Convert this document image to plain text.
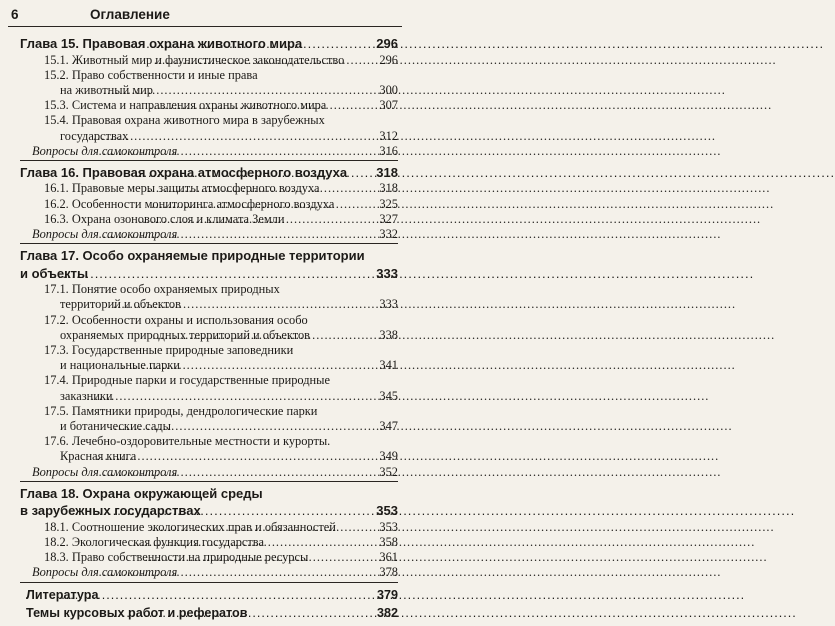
6	Оглавление
Глава 15. Правовая охрана животного мира .....	296
15.1. Животный мир и фаунистическое законодательство .....	296
15.2. Право собственности и иные права
на животный мир .....	300
15.3. Система и направления охраны животного мира .....	307
15.4. Правовая охрана животного мира в зарубежных
государствах .....	312
Вопросы для самоконтроля .....	316
Глава 16. Правовая охрана атмосферного воздуха ..... 318
16.1. Правовые меры защиты атмосферного воздуха .....	318
16.2. Особенности мониторинга атмосферного воздуха .....	325
16.3. Охрана озонового слоя и климата Земли .....	327
Вопросы для самоконтроля .....	332
Глава 17. Особо охраняемые природные территории
и объекты .....	333
17.1. Понятие особо охраняемых природных
территорий и объектов .....	333
17.2. Особенности охраны и использования особо
охраняемых природных территорий и объектов .....	338
17.3. Государственные природные заповедники
и национальные парки .....	341
17.4. Природные парки и государственные природные
заказники .....	345
17.5. Памятники природы, дендрологические парки
и ботанические сады .....	347
17.6. Лечебно-оздоровительные местности и курорты.
Красная книга .....	349
Вопросы для самоконтроля .....	352
Глава 18. Охрана окружающей среды
в зарубежных государствах .....	353
18.1. Соотношение экологических прав и обязанностей .....	353
18.2. Экологическая функция государства .....	358
18.3. Право собственности на природные ресурсы .....	361
Вопросы для самоконтроля .....	378
Литература .....	379
Темы курсовых работ и рефератов .....	382
